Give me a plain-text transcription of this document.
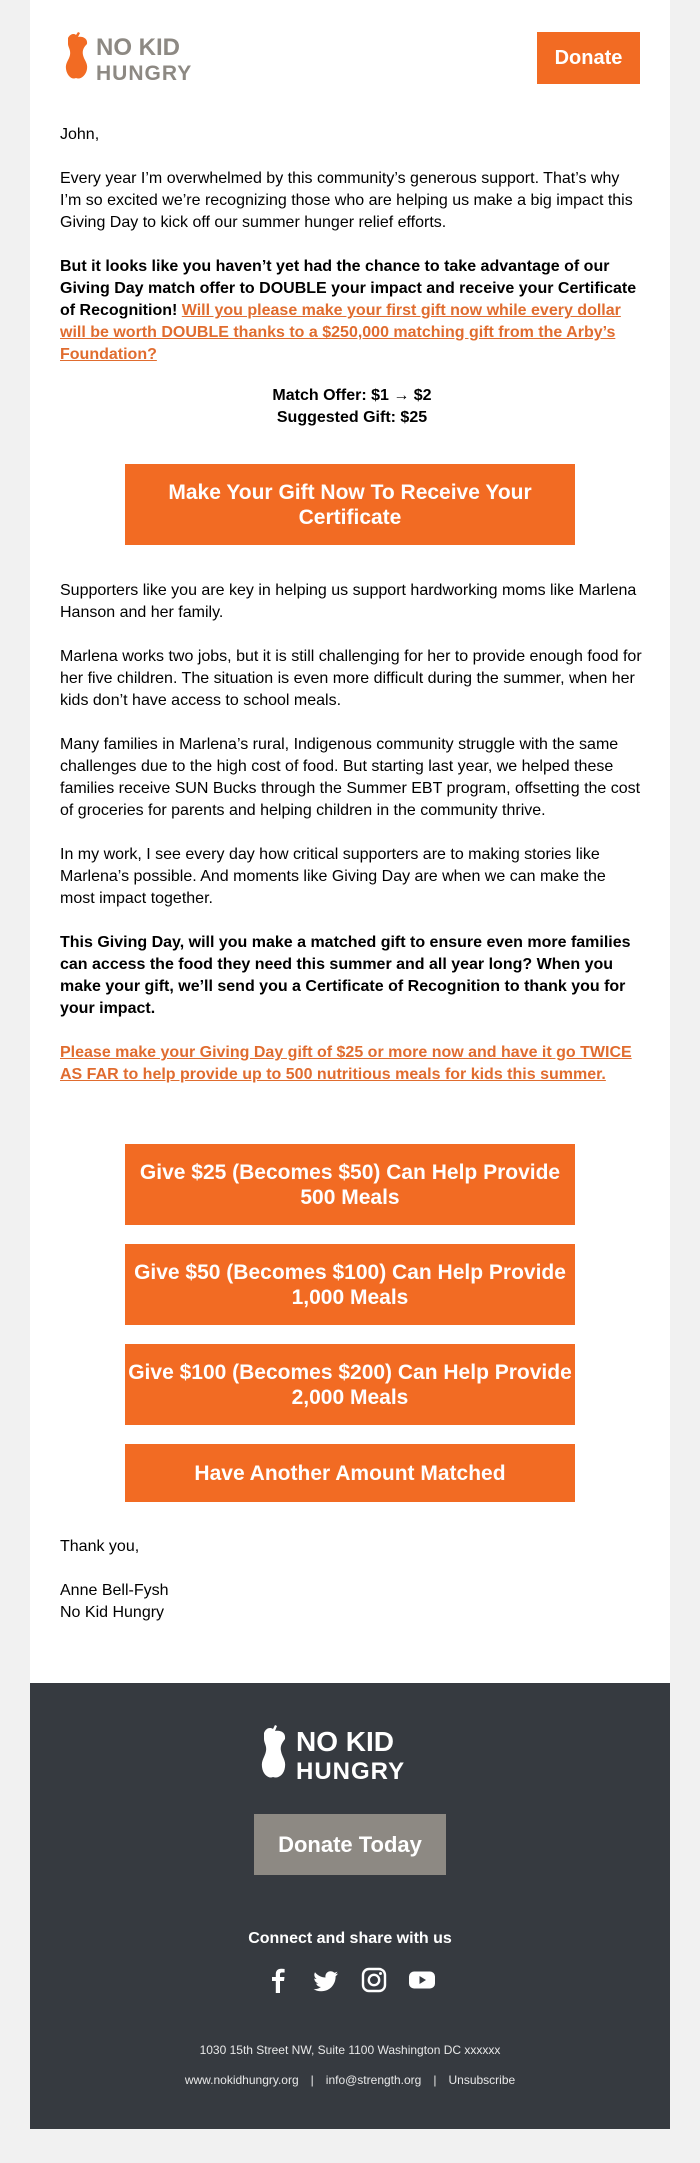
NO KID
HUNGRY
Donate
John,
Every year I’m overwhelmed by this community’s generous support. That’s why I’m so excited we’re recognizing those who are helping us make a big impact this Giving Day to kick off our summer hunger relief efforts.
But it looks like you haven’t yet had the chance to take advantage of our Giving Day match offer to DOUBLE your impact and receive your Certificate of Recognition! Will you please make your first gift now while every dollar will be worth DOUBLE thanks to a $250,000 matching gift from the Arby’s Foundation?
Match Offer: $1 → $2
Suggested Gift: $25
Make Your Gift Now To Receive Your Certificate
Supporters like you are key in helping us support hardworking moms like Marlena Hanson and her family.
Marlena works two jobs, but it is still challenging for her to provide enough food for her five children. The situation is even more difficult during the summer, when her kids don’t have access to school meals.
Many families in Marlena’s rural, Indigenous community struggle with the same challenges due to the high cost of food. But starting last year, we helped these families receive SUN Bucks through the Summer EBT program, offsetting the cost of groceries for parents and helping children in the community thrive.
In my work, I see every day how critical supporters are to making stories like Marlena’s possible. And moments like Giving Day are when we can make the most impact together.
This Giving Day, will you make a matched gift to ensure even more families can access the food they need this summer and all year long? When you make your gift, we’ll send you a Certificate of Recognition to thank you for your impact.
Please make your Giving Day gift of $25 or more now and have it go TWICE AS FAR to help provide up to 500 nutritious meals for kids this summer.
Give $25 (Becomes $50) Can Help Provide 500 Meals
Give $50 (Becomes $100) Can Help Provide 1,000 Meals
Give $100 (Becomes $200) Can Help Provide 2,000 Meals
Have Another Amount Matched
Thank you,
Anne Bell-Fysh
No Kid Hungry
NO KID
HUNGRY
Donate Today
Connect and share with us
1030 15th Street NW, Suite 1100 Washington DC xxxxxx
www.nokidhungry.org | info@strength.org | Unsubscribe
